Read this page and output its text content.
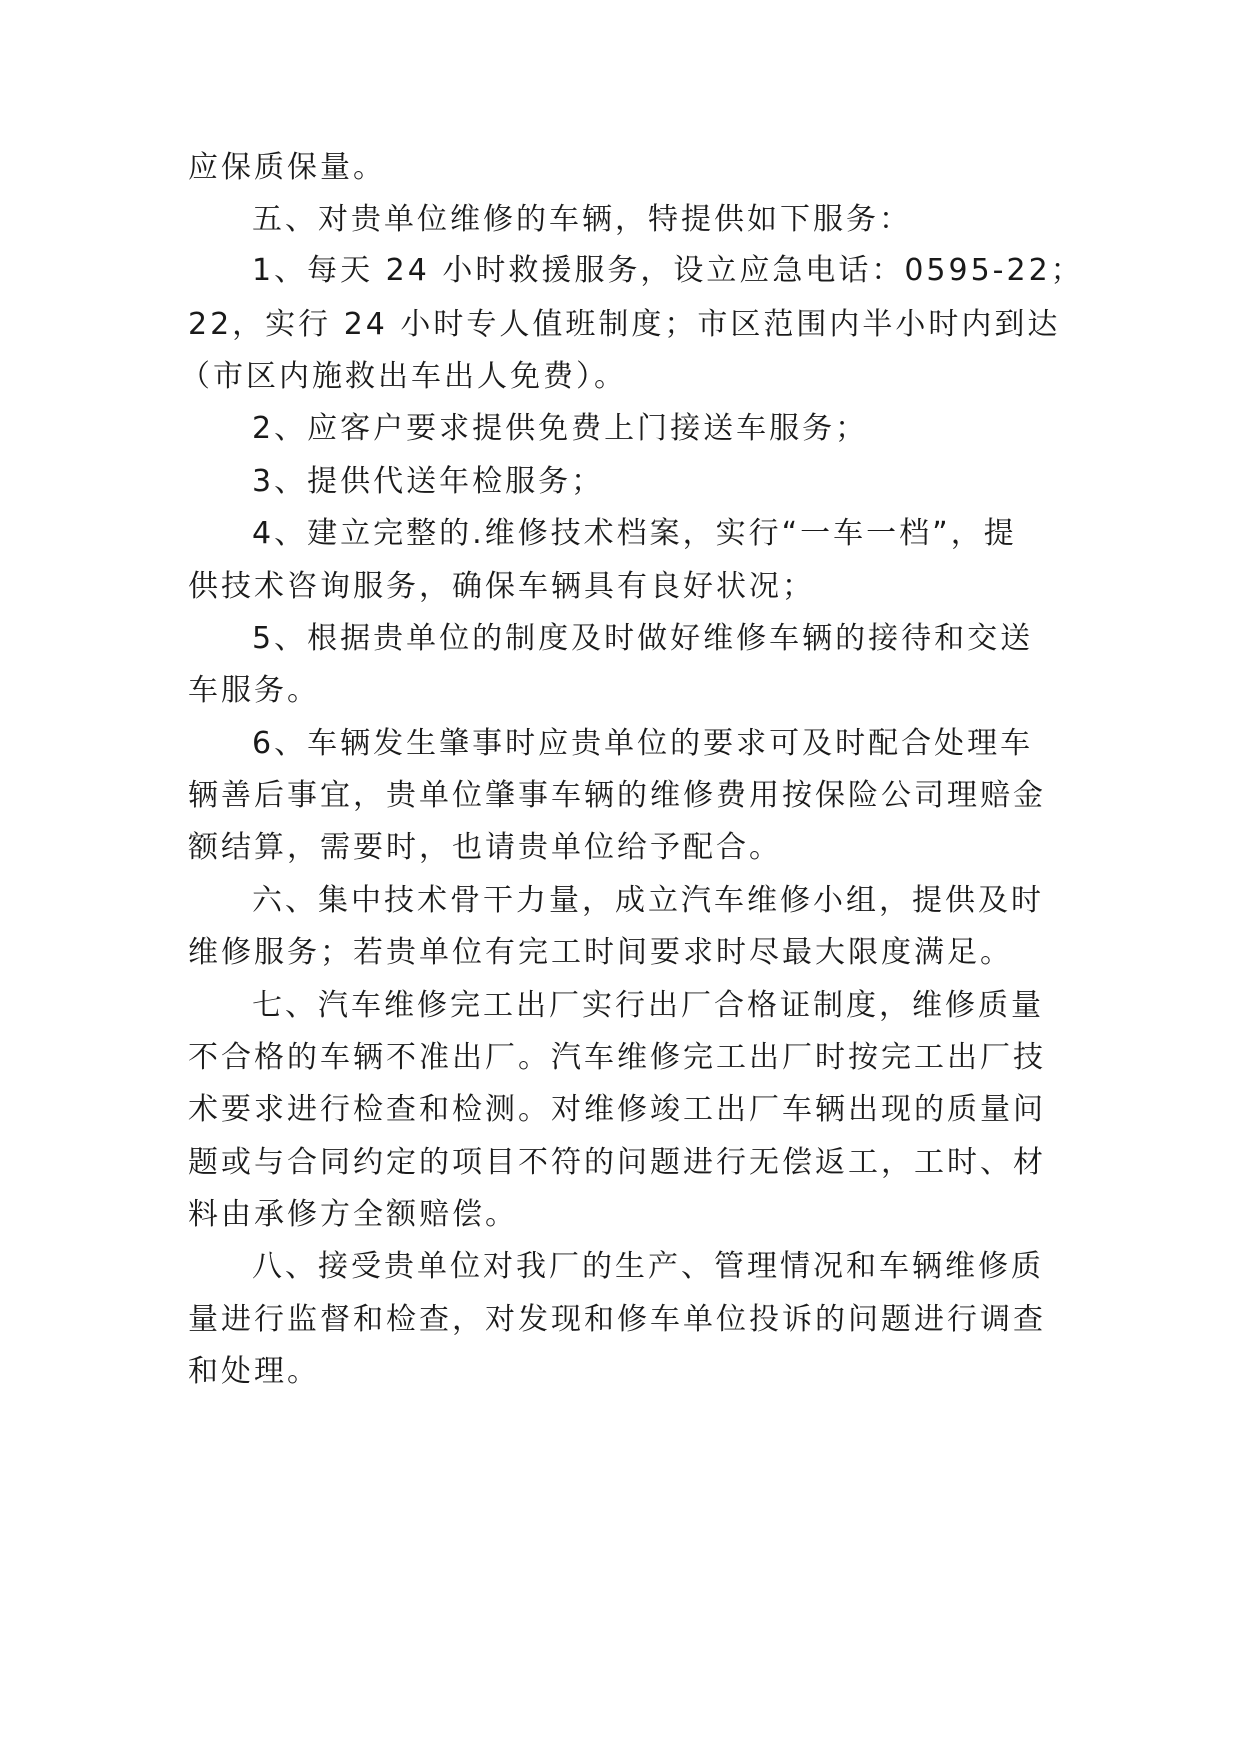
应保质保量。
五、对贵单位维修的车辆，特提供如下服务：
1、每天 24 小时救援服务，设立应急电话：0595-22；
22，实行 24 小时专人值班制度；市区范围内半小时内到达
（市区内施救出车出人免费）。
2、应客户要求提供免费上门接送车服务；
3、提供代送年检服务；
4、建立完整的.维修技术档案，实行“一车一档”，提
供技术咨询服务，确保车辆具有良好状况；
5、根据贵单位的制度及时做好维修车辆的接待和交送
车服务。
6、车辆发生肇事时应贵单位的要求可及时配合处理车
辆善后事宜，贵单位肇事车辆的维修费用按保险公司理赔金
额结算，需要时，也请贵单位给予配合。
六、集中技术骨干力量，成立汽车维修小组，提供及时
维修服务；若贵单位有完工时间要求时尽最大限度满足。
七、汽车维修完工出厂实行出厂合格证制度，维修质量
不合格的车辆不准出厂。汽车维修完工出厂时按完工出厂技
术要求进行检查和检测。对维修竣工出厂车辆出现的质量问
题或与合同约定的项目不符的问题进行无偿返工，工时、材
料由承修方全额赔偿。
八、接受贵单位对我厂的生产、管理情况和车辆维修质
量进行监督和检查，对发现和修车单位投诉的问题进行调查
和处理。
